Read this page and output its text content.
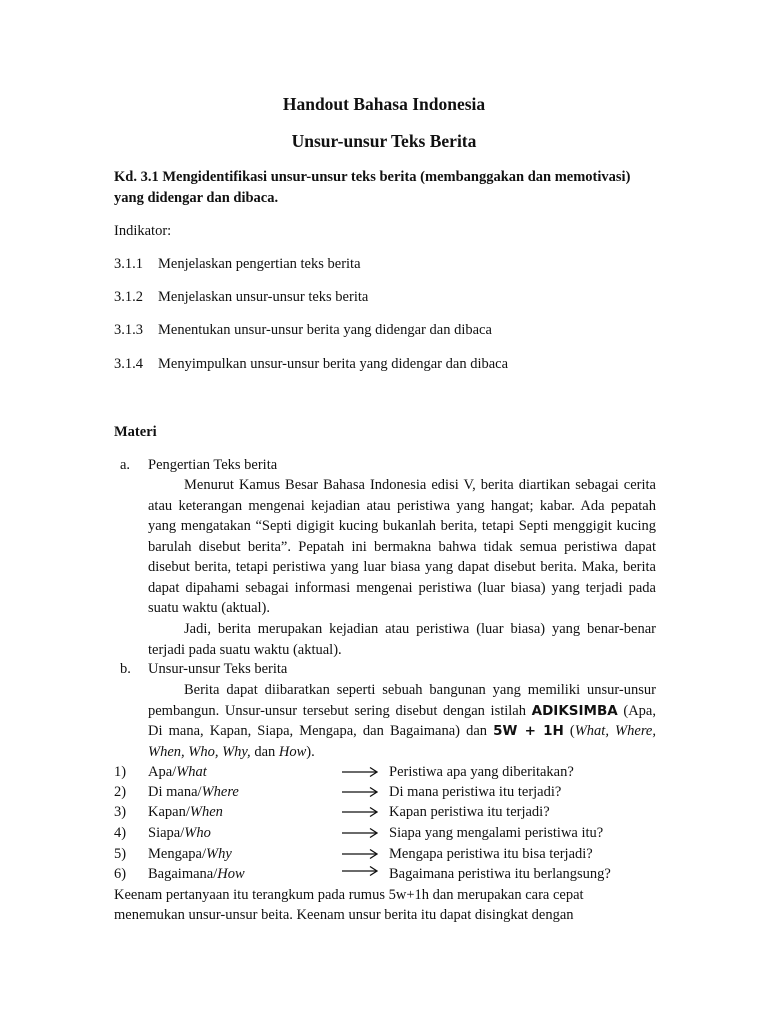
Handout Bahasa Indonesia
Unsur-unsur Teks Berita
Kd. 3.1 Mengidentifikasi unsur-unsur teks berita (membanggakan dan memotivasi)
yang didengar dan dibaca.
Indikator:
3.1.1 Menjelaskan pengertian teks berita
3.1.2 Menjelaskan unsur-unsur teks berita
3.1.3 Menentukan unsur-unsur berita yang didengar dan dibaca
3.1.4 Menyimpulkan unsur-unsur berita yang didengar dan dibaca
Materi
a. Pengertian Teks berita
Menurut Kamus Besar Bahasa Indonesia edisi V, berita diartikan sebagai cerita atau keterangan mengenai kejadian atau peristiwa yang hangat; kabar. Ada pepatah yang mengatakan “Septi digigit kucing bukanlah berita, tetapi Septi menggigit kucing barulah disebut berita”. Pepatah ini bermakna bahwa tidak semua peristiwa dapat disebut berita, tetapi peristiwa yang luar biasa yang dapat disebut berita. Maka, berita dapat dipahami sebagai informasi mengenai peristiwa (luar biasa) yang terjadi pada suatu waktu (aktual).
Jadi, berita merupakan kejadian atau peristiwa (luar biasa) yang benar-benar terjadi pada suatu waktu (aktual).
b. Unsur-unsur Teks berita
Berita dapat diibaratkan seperti sebuah bangunan yang memiliki unsur-unsur pembangun. Unsur-unsur tersebut sering disebut dengan istilah ADIKSIMBA (Apa, Di mana, Kapan, Siapa, Mengapa, dan Bagaimana) dan 5W + 1H (What, Where, When, Who, Why, dan How).
1) Apa/What	Peristiwa apa yang diberitakan?
2) Di mana/Where	Di mana peristiwa itu terjadi?
3) Kapan/When	Kapan peristiwa itu terjadi?
4) Siapa/Who	Siapa yang mengalami peristiwa itu?
5) Mengapa/Why	Mengapa peristiwa itu bisa terjadi?
6) Bagaimana/How	Bagaimana peristiwa itu berlangsung?
Keenam pertanyaan itu terangkum pada rumus 5w+1h dan merupakan cara cepat
menemukan unsur-unsur beita. Keenam unsur berita itu dapat disingkat dengan
